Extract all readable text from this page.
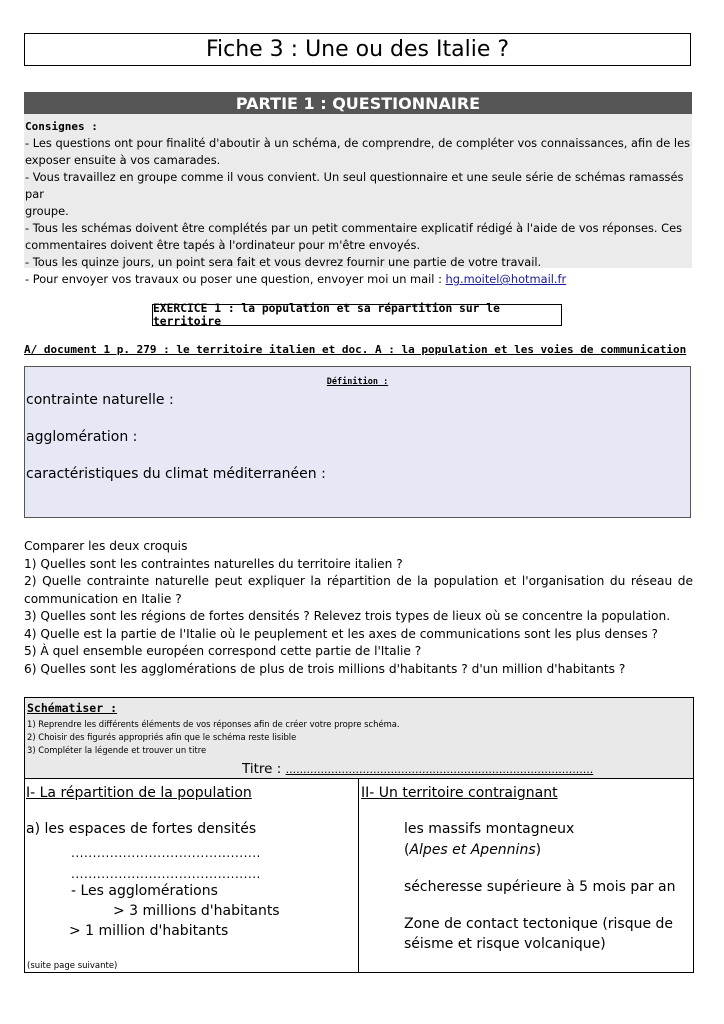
Fiche 3 : Une ou des Italie ?
PARTIE 1 : QUESTIONNAIRE
Consignes :
- Les questions ont pour finalité d'aboutir à un schéma, de comprendre, de compléter vos connaissances, afin de les
exposer ensuite à vos camarades.
- Vous travaillez en groupe comme il vous convient. Un seul questionnaire et une seule série de schémas ramassés par
groupe.
- Tous les schémas doivent être complétés par un petit commentaire explicatif rédigé à l'aide de vos réponses. Ces
commentaires doivent être tapés à l'ordinateur pour m'être envoyés.
- Tous les quinze jours, un point sera fait et vous devrez fournir une partie de votre travail.
- Pour envoyer vos travaux ou poser une question, envoyer moi un mail : hg.moitel@hotmail.fr
EXERCICE 1 : la population et sa répartition sur le territoire
A/ document 1 p. 279 : le territoire italien et doc. A : la population et les voies de communication
Définition :
contrainte naturelle :
agglomération :
caractéristiques du climat méditerranéen :
Comparer les deux croquis
1) Quelles sont les contraintes naturelles du territoire italien ?
2) Quelle contrainte naturelle peut expliquer la répartition de la population et l'organisation du réseau de communication en Italie ?
3) Quelles sont les régions de fortes densités ? Relevez trois types de lieux où se concentre la population.
4) Quelle est la partie de l'Italie où le peuplement et les axes de communications sont les plus denses ?
5) À quel ensemble européen correspond cette partie de l'Italie ?
6) Quelles sont les agglomérations de plus de trois millions d'habitants ? d'un million d'habitants ?
Schématiser :
1) Reprendre les différents éléments de vos réponses afin de créer votre propre schéma.
2) Choisir des figurés appropriés afin que le schéma reste lisible
3) Compléter la légende et trouver un titre
Titre : ........................................................................................
I- La répartition de la population
a) les espaces de fortes densités
............................................
............................................
- Les agglomérations
> 3 millions d'habitants
> 1 million d'habitants
(suite page suivante)
II- Un territoire contraignant
les massifs montagneux
(Alpes et Apennins)
sécheresse supérieure à 5 mois par an
Zone de contact tectonique (risque de
séisme et risque volcanique)
